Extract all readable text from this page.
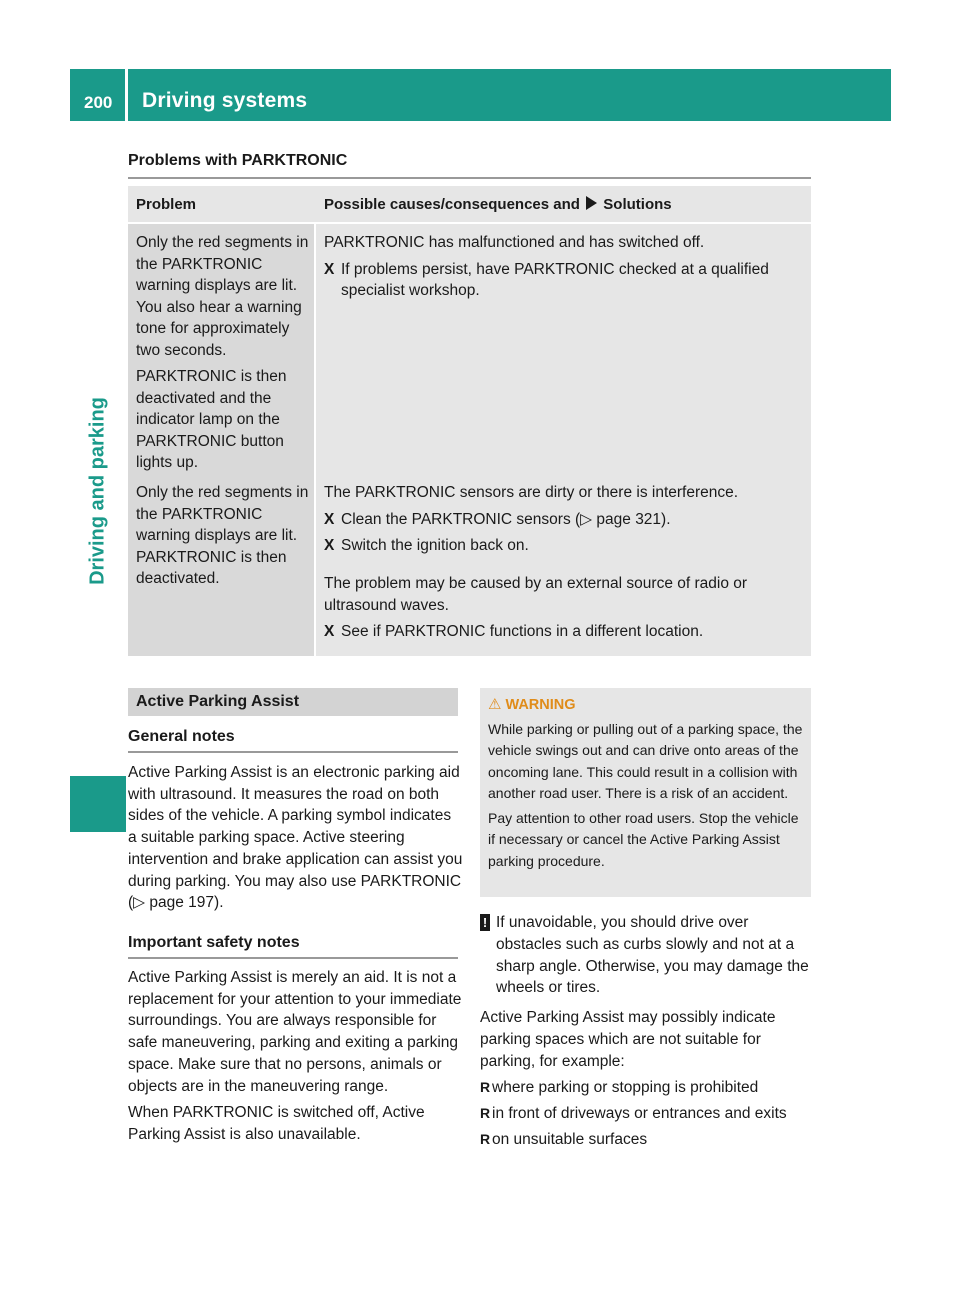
200 Driving systems
Driving and parking
Problems with PARKTRONIC
Problem	Possible causes/consequences and Solutions

Only the red segments in the PARKTRONIC warning displays are lit. You also hear a warning tone for approximately two seconds.

PARKTRONIC is then deactivated and the indicator lamp on the PARKTRONIC button lights up.

PARKTRONIC has malfunctioned and has switched off.

X If problems persist, have PARKTRONIC checked at a qualified specialist workshop.

Only the red segments in the PARKTRONIC warning displays are lit. PARKTRONIC is then deactivated.

The PARKTRONIC sensors are dirty or there is interference.

X Clean the PARKTRONIC sensors (▷ page 321).
X Switch the ignition back on.

The problem may be caused by an external source of radio or ultrasound waves.

X See if PARKTRONIC functions in a different location.
Active Parking Assist
General notes

Active Parking Assist is an electronic parking aid with ultrasound. It measures the road on both sides of the vehicle. A parking symbol indicates a suitable parking space. Active steering intervention and brake application can assist you during parking. You may also use PARKTRONIC (▷ page 197).

Important safety notes

Active Parking Assist is merely an aid. It is not a replacement for your attention to your immediate surroundings. You are always responsible for safe maneuvering, parking and exiting a parking space. Make sure that no persons, animals or objects are in the maneuvering range.

When PARKTRONIC is switched off, Active Parking Assist is also unavailable.

⚠ WARNING

While parking or pulling out of a parking space, the vehicle swings out and can drive onto areas of the oncoming lane. This could result in a collision with another road user. There is a risk of an accident.

Pay attention to other road users. Stop the vehicle if necessary or cancel the Active Parking Assist parking procedure.

! If unavoidable, you should drive over obstacles such as curbs slowly and not at a sharp angle. Otherwise, you may damage the wheels or tires.

Active Parking Assist may possibly indicate parking spaces which are not suitable for parking, for example:

R where parking or stopping is prohibited
R in front of driveways or entrances and exits
R on unsuitable surfaces
